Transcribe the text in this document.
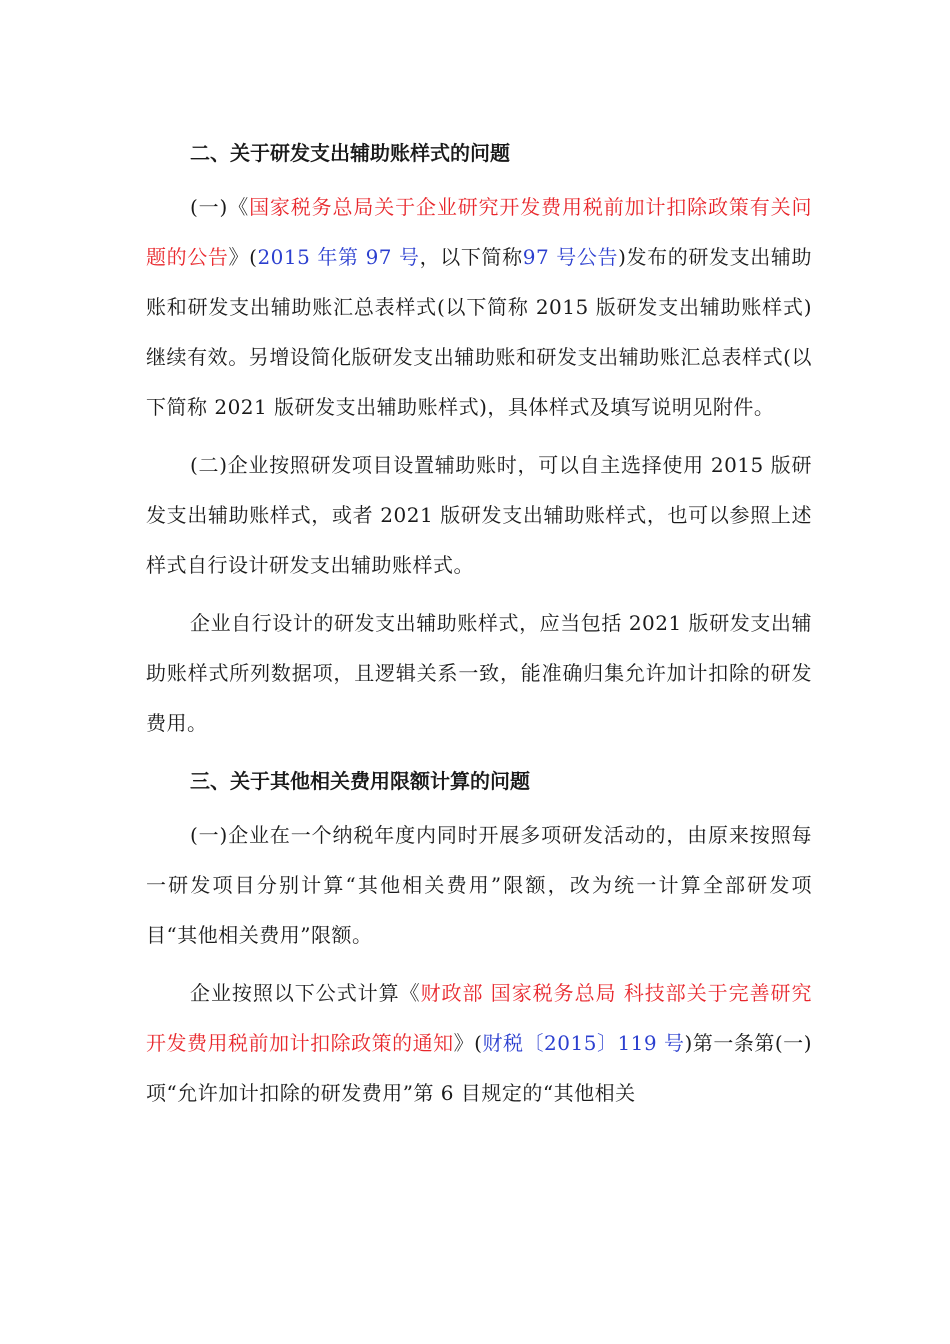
二、关于研发支出辅助账样式的问题

(一)《国家税务总局关于企业研究开发费用税前加计扣除政策有关问题的公告》(2015 年第 97 号，以下简称97 号公告)发布的研发支出辅助账和研发支出辅助账汇总表样式(以下简称 2015 版研发支出辅助账样式)继续有效。另增设简化版研发支出辅助账和研发支出辅助账汇总表样式(以下简称 2021 版研发支出辅助账样式)，具体样式及填写说明见附件。

(二)企业按照研发项目设置辅助账时，可以自主选择使用 2015 版研发支出辅助账样式，或者 2021 版研发支出辅助账样式，也可以参照上述样式自行设计研发支出辅助账样式。

企业自行设计的研发支出辅助账样式，应当包括 2021 版研发支出辅助账样式所列数据项，且逻辑关系一致，能准确归集允许加计扣除的研发费用。

三、关于其他相关费用限额计算的问题

(一)企业在一个纳税年度内同时开展多项研发活动的，由原来按照每一研发项目分别计算“其他相关费用”限额，改为统一计算全部研发项目“其他相关费用”限额。

企业按照以下公式计算《财政部 国家税务总局 科技部关于完善研究开发费用税前加计扣除政策的通知》(财税〔2015〕119 号)第一条第(一)项“允许加计扣除的研发费用”第 6 目规定的“其他相关
